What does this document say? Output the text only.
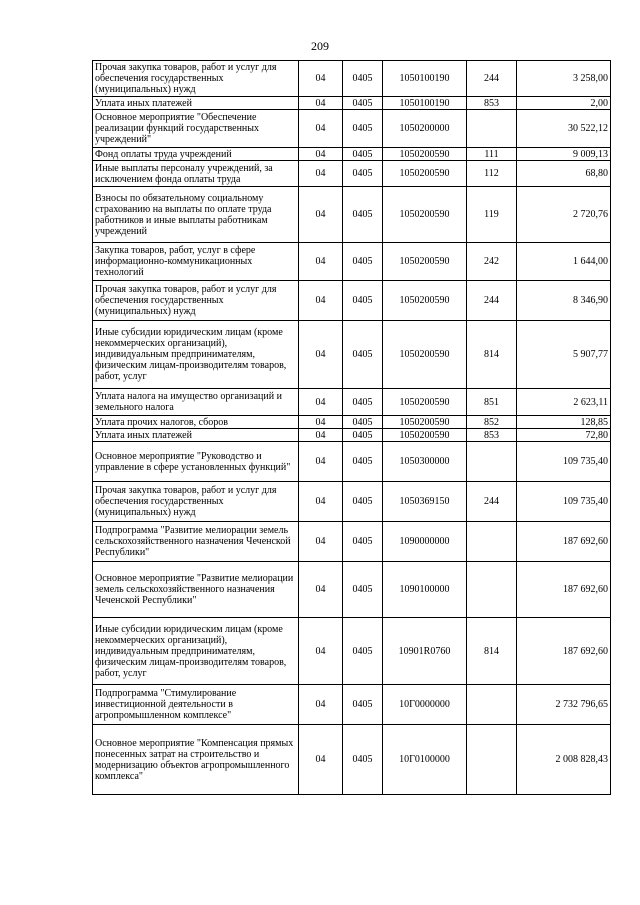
209
Прочая закупка товаров, работ и услуг для обеспечения государственных (муниципальных) нужд	04	0405	1050100190	244	3 258,00
Уплата иных платежей	04	0405	1050100190	853	2,00
Основное мероприятие "Обеспечение реализации функций государственных учреждений"	04	0405	1050200000		30 522,12
Фонд оплаты труда учреждений	04	0405	1050200590	111	9 009,13
Иные выплаты персоналу учреждений, за исключением фонда оплаты труда	04	0405	1050200590	112	68,80
Взносы по обязательному социальному страхованию на выплаты по оплате труда работников и иные выплаты работникам учреждений	04	0405	1050200590	119	2 720,76
Закупка товаров, работ, услуг в сфере информационно-коммуникационных технологий	04	0405	1050200590	242	1 644,00
Прочая закупка товаров, работ и услуг для обеспечения государственных (муниципальных) нужд	04	0405	1050200590	244	8 346,90
Иные субсидии юридическим лицам (кроме некоммерческих организаций), индивидуальным предпринимателям, физическим лицам-производителям товаров, работ, услуг	04	0405	1050200590	814	5 907,77
Уплата налога на имущество организаций и земельного налога	04	0405	1050200590	851	2 623,11
Уплата прочих налогов, сборов	04	0405	1050200590	852	128,85
Уплата иных платежей	04	0405	1050200590	853	72,80
Основное мероприятие "Руководство и управление в сфере установленных функций"	04	0405	1050300000		109 735,40
Прочая закупка товаров, работ и услуг для обеспечения государственных (муниципальных) нужд	04	0405	1050369150	244	109 735,40
Подпрограмма "Развитие мелиорации земель сельскохозяйственного назначения Чеченской Республики"	04	0405	1090000000		187 692,60
Основное мероприятие "Развитие мелиорации земель сельскохозяйственного назначения Чеченской Республики"	04	0405	1090100000		187 692,60
Иные субсидии юридическим лицам (кроме некоммерческих организаций), индивидуальным предпринимателям, физическим лицам-производителям товаров, работ, услуг	04	0405	10901R0760	814	187 692,60
Подпрограмма "Стимулирование инвестиционной деятельности в агропромышленном комплексе"	04	0405	10Г0000000		2 732 796,65
Основное мероприятие "Компенсация прямых понесенных затрат на строительство и модернизацию объектов агропромышленного комплекса"	04	0405	10Г0100000		2 008 828,43
